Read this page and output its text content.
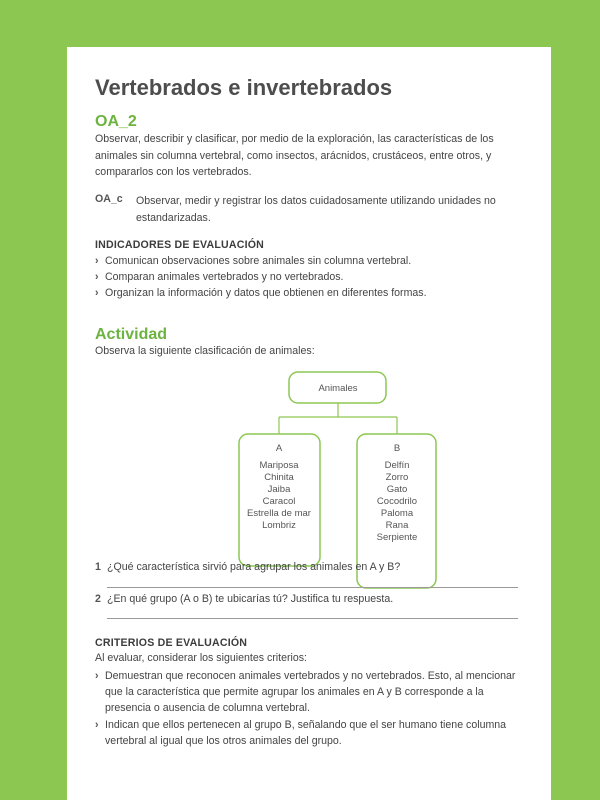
Vertebrados e invertebrados
OA_2
Observar, describir y clasificar, por medio de la exploración, las características de los animales sin columna vertebral, como insectos, arácnidos, crustáceos, entre otros, y compararlos con los vertebrados.
OA_c Observar, medir y registrar los datos cuidadosamente utilizando unidades no estandarizadas.
INDICADORES DE EVALUACIÓN
› Comunican observaciones sobre animales sin columna vertebral.
› Comparan animales vertebrados y no vertebrados.
› Organizan la información y datos que obtienen en diferentes formas.
Actividad
Observa la siguiente clasificación de animales:
Animales
A
Mariposa
Chinita
Jaiba
Caracol
Estrella de mar
Lombriz
B
Delfín
Zorro
Gato
Cocodrilo
Paloma
Rana
Serpiente
1 ¿Qué característica sirvió para agrupar los animales en A y B?
2 ¿En qué grupo (A o B) te ubicarías tú? Justifica tu respuesta.
CRITERIOS DE EVALUACIÓN
Al evaluar, considerar los siguientes criterios:
› Demuestran que reconocen animales vertebrados y no vertebrados. Esto, al mencionar que la característica que permite agrupar los animales en A y B corresponde a la presencia o ausencia de columna vertebral.
› Indican que ellos pertenecen al grupo B, señalando que el ser humano tiene columna vertebral al igual que los otros animales del grupo.
